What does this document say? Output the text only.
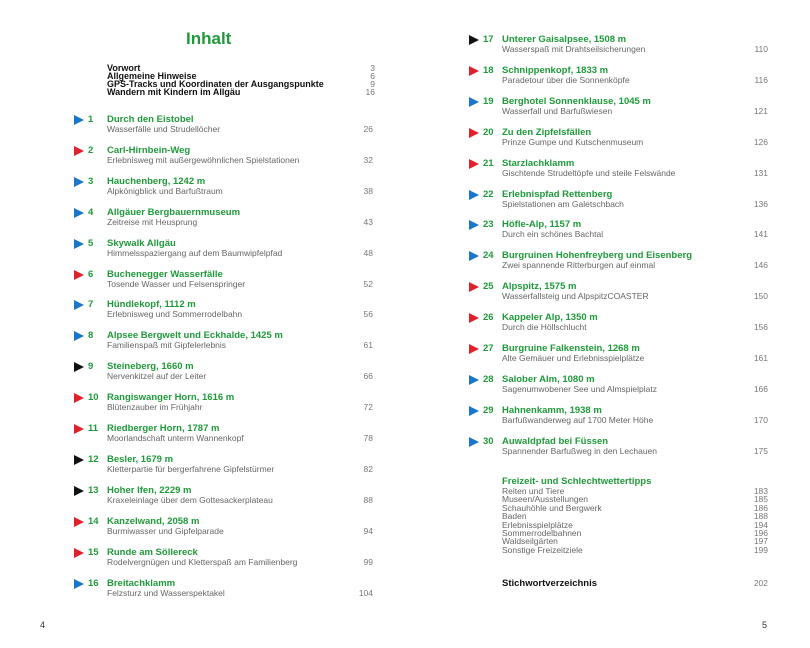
Inhalt
Vorwort	3
Allgemeine Hinweise	6
GPS-Tracks und Koordinaten der Ausgangspunkte	9
Wandern mit Kindern im Allgäu	16
1 Durch den Eistobel
Wasserfälle und Strudellöcher	26
2 Carl-Hirnbein-Weg
Erlebnisweg mit außergewöhnlichen Spielstationen	32
3 Hauchenberg, 1242 m
Alpkönigblick und Barfußtraum	38
4 Allgäuer Bergbauernmuseum
Zeitreise mit Heusprung	43
5 Skywalk Allgäu
Himmelsspaziergang auf dem Baumwipfelpfad	48
6 Buchenegger Wasserfälle
Tosende Wasser und Felsenspringer	52
7 Hündlekopf, 1112 m
Erlebnisweg und Sommerrodelbahn	56
8 Alpsee Bergwelt und Eckhalde, 1425 m
Familienspaß mit Gipfelerlebnis	61
9 Steineberg, 1660 m
Nervenkitzel auf der Leiter	66
10 Rangiswanger Horn, 1616 m
Blütenzauber im Frühjahr	72
11 Riedberger Horn, 1787 m
Moorlandschaft unterm Wannenkopf	78
12 Besler, 1679 m
Kletterpartie für bergerfahrene Gipfelstürmer	82
13 Hoher Ifen, 2229 m
Kraxeleinlage über dem Gottesackerplateau	88
14 Kanzelwand, 2058 m
Burmiwasser und Gipfelparade	94
15 Runde am Söllereck
Rodelvergnügen und Kletterspaß am Familienberg	99
16 Breitachklamm
Felzsturz und Wasserspektakel	104
17 Unterer Gaisalpsee, 1508 m
Wasserspaß mit Drahtseilsicherungen	110
18 Schnippenkopf, 1833 m
Paradetour über die Sonnenköpfe	116
19 Berghotel Sonnenklause, 1045 m
Wasserfall und Barfußwiesen	121
20 Zu den Zipfelsfällen
Prinze Gumpe und Kutschenmuseum	126
21 Starzlachklamm
Gischtende Strudeltöpfe und steile Felswände	131
22 Erlebnispfad Rettenberg
Spielstationen am Galetschbach	136
23 Höfle-Alp, 1157 m
Durch ein schönes Bachtal	141
24 Burgruinen Hohenfreyberg und Eisenberg
Zwei spannende Ritterburgen auf einmal	146
25 Alpspitz, 1575 m
Wasserfallsteig und AlpspitzCOASTER	150
26 Kappeler Alp, 1350 m
Durch die Höllschlucht	156
27 Burgruine Falkenstein, 1268 m
Alte Gemäuer und Erlebnisspielplätze	161
28 Salober Alm, 1080 m
Sagenumwobener See und Almspielplatz	166
29 Hahnenkamm, 1938 m
Barfußwanderweg auf 1700 Meter Höhe	170
30 Auwaldpfad bei Füssen
Spannender Barfußweg in den Lechauen	175
Freizeit- und Schlechtwettertipps
Reiten und Tiere	183
Museen/Ausstellungen	185
Schauhöhle und Bergwerk	186
Baden	188
Erlebnisspielplätze	194
Sommerrodelbahnen	196
Waldseilgärten	197
Sonstige Freizeitziele	199
Stichwortverzeichnis	202
4	5
